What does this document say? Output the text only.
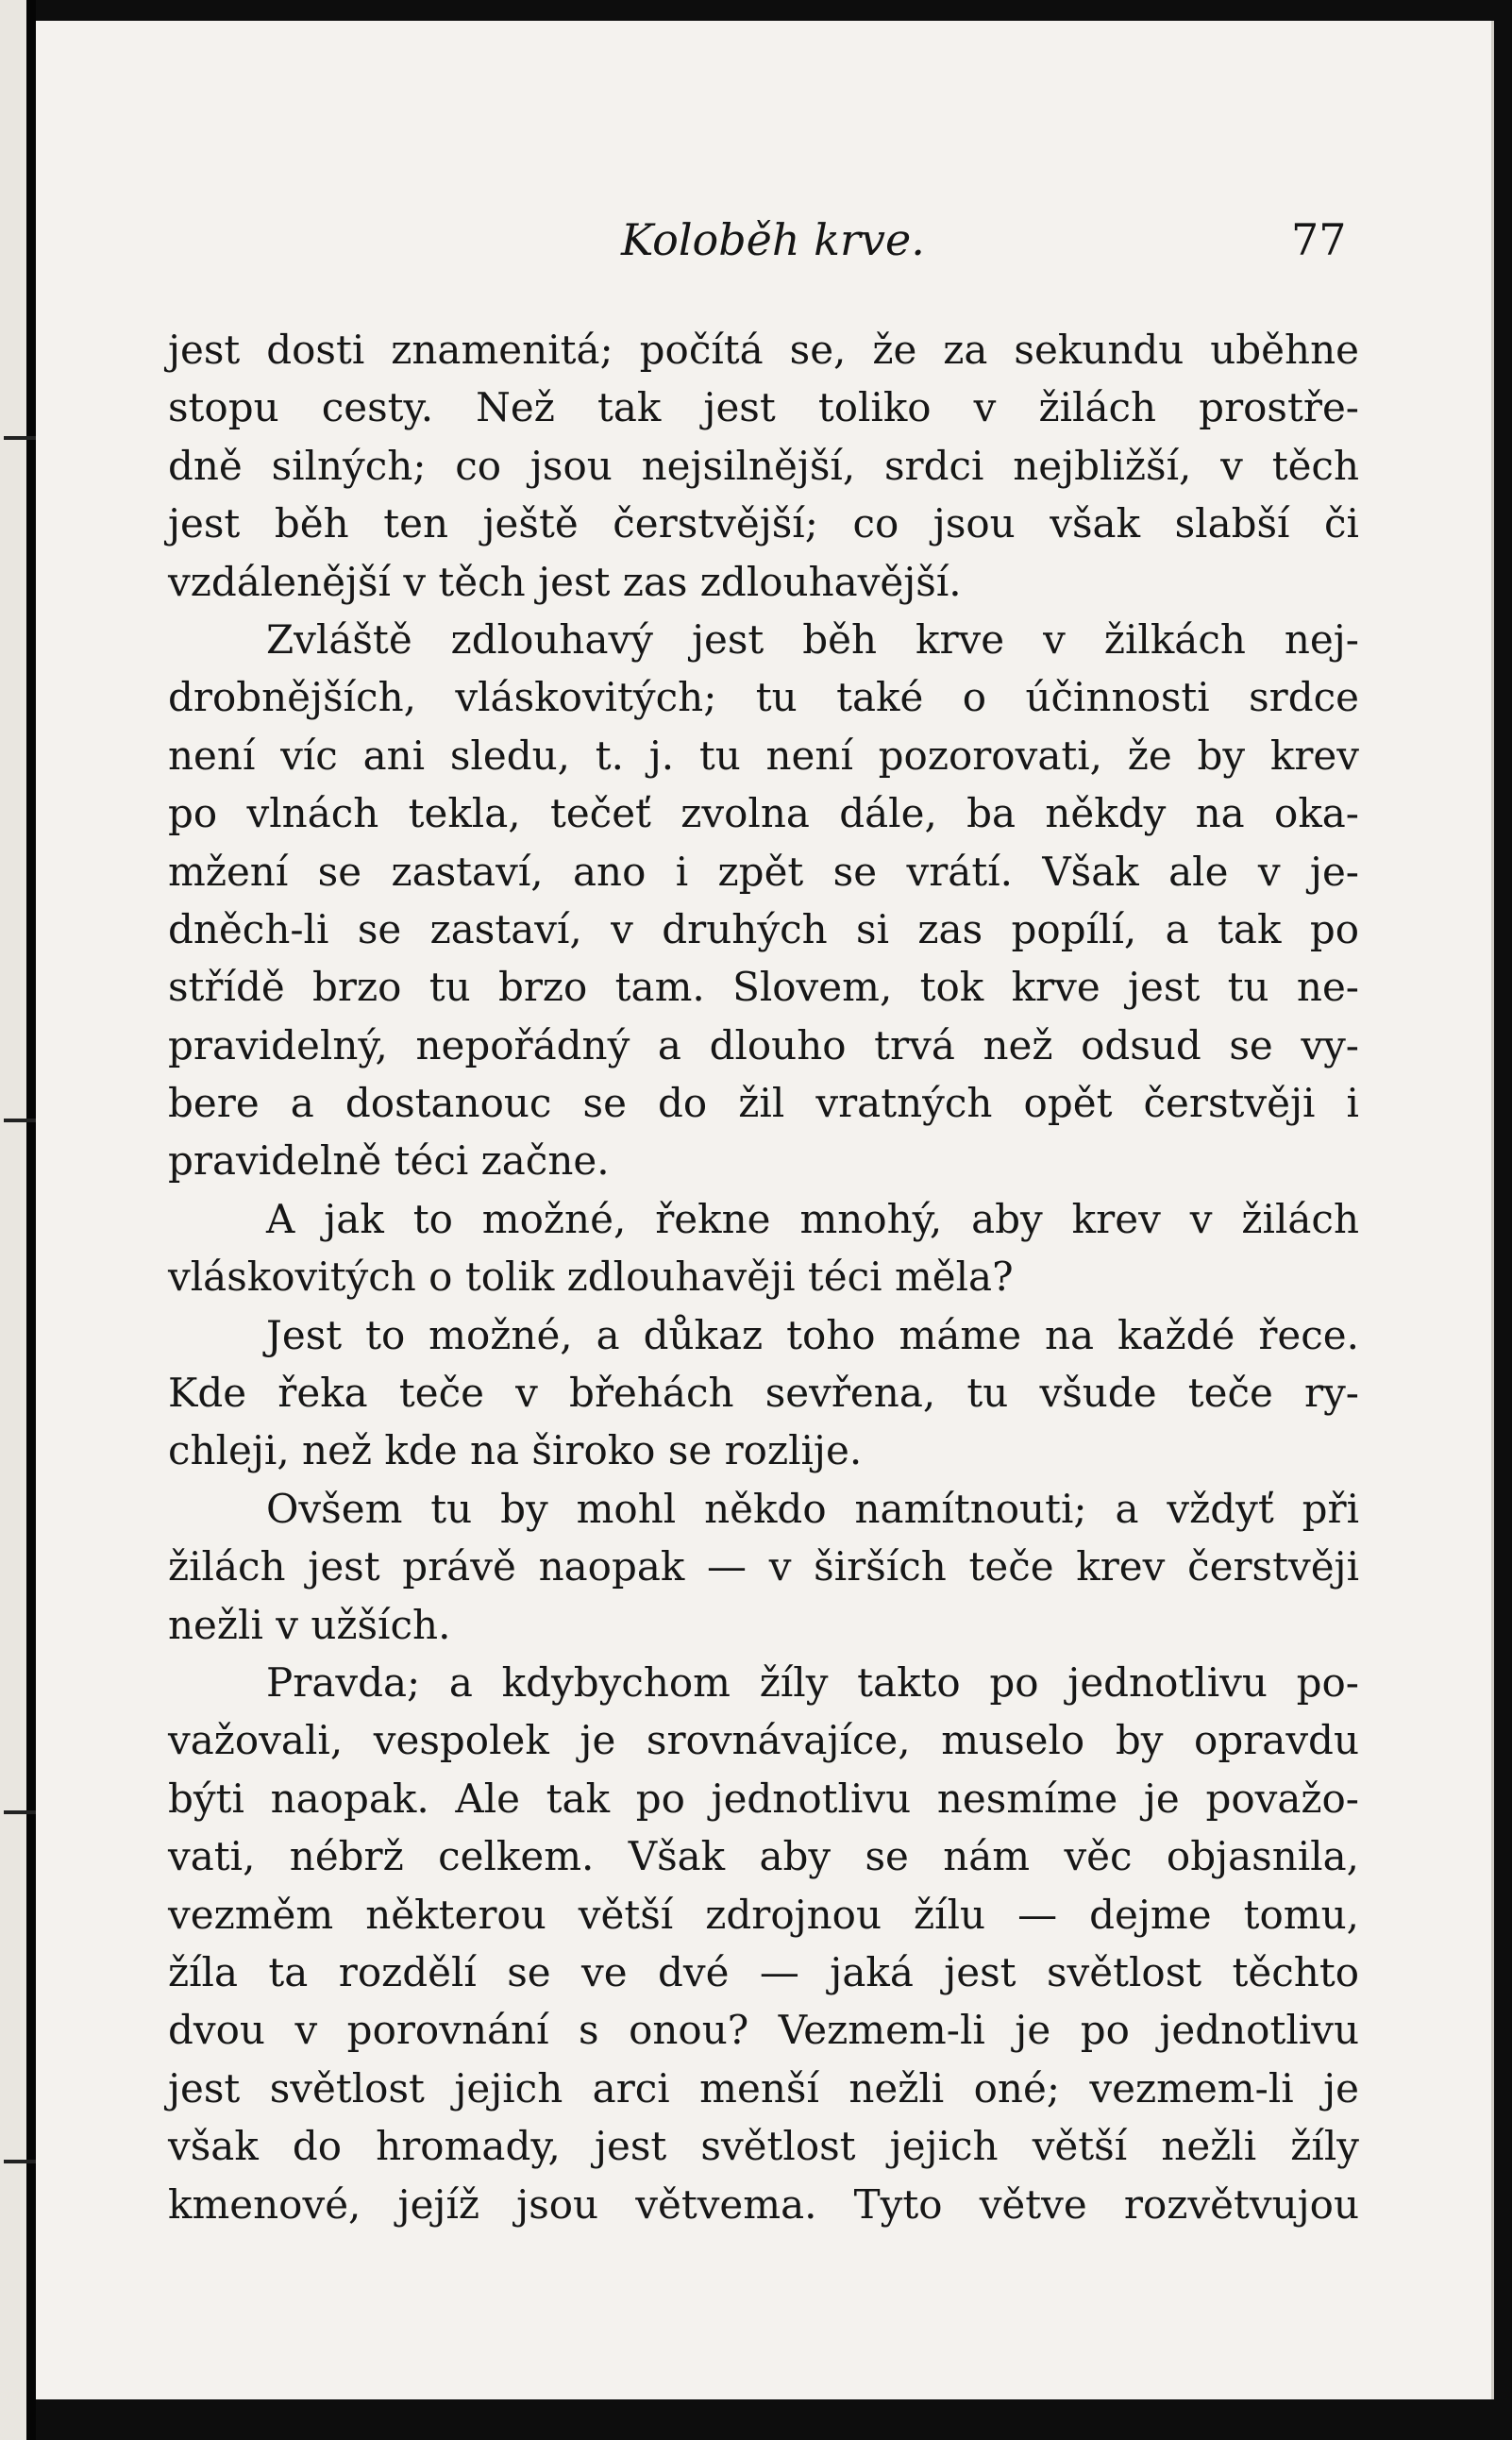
Koloběh krve.	77
jest dosti znamenitá; počítá se, že za sekundu uběhne
stopu cesty. Než tak jest toliko v žilách prostře-
dně silných; co jsou nejsilnější, srdci nejbližší, v těch
jest běh ten ještě čerstvější; co jsou však slabší či
vzdálenější v těch jest zas zdlouhavější.
Zvláště zdlouhavý jest běh krve v žilkách nej-
drobnějších, vláskovitých; tu také o účinnosti srdce
není víc ani sledu, t. j. tu není pozorovati, že by krev
po vlnách tekla, tečeť zvolna dále, ba někdy na oka-
mžení se zastaví, ano i zpět se vrátí. Však ale v je-
dněch-li se zastaví, v druhých si zas popílí, a tak po
střídě brzo tu brzo tam. Slovem, tok krve jest tu ne-
pravidelný, nepořádný a dlouho trvá než odsud se vy-
bere a dostanouc se do žil vratných opět čerstvěji i
pravidelně téci začne.
A jak to možné, řekne mnohý, aby krev v žilách
vláskovitých o tolik zdlouhavěji téci měla?
Jest to možné, a důkaz toho máme na každé řece.
Kde řeka teče v břehách sevřena, tu všude teče ry-
chleji, než kde na široko se rozlije.
Ovšem tu by mohl někdo namítnouti; a vždyť při
žilách jest právě naopak — v širších teče krev čerstvěji
nežli v užších.
Pravda; a kdybychom žíly takto po jednotlivu po-
važovali, vespolek je srovnávajíce, muselo by opravdu
býti naopak. Ale tak po jednotlivu nesmíme je považo-
vati, nébrž celkem. Však aby se nám věc objasnila,
vezměm některou větší zdrojnou žílu — dejme tomu,
žíla ta rozdělí se ve dvé — jaká jest světlost těchto
dvou v porovnání s onou? Vezmem-li je po jednotlivu
jest světlost jejich arci menší nežli oné; vezmem-li je
však do hromady, jest světlost jejich větší nežli žíly
kmenové, jejíž jsou větvema. Tyto větve rozvětvujou
